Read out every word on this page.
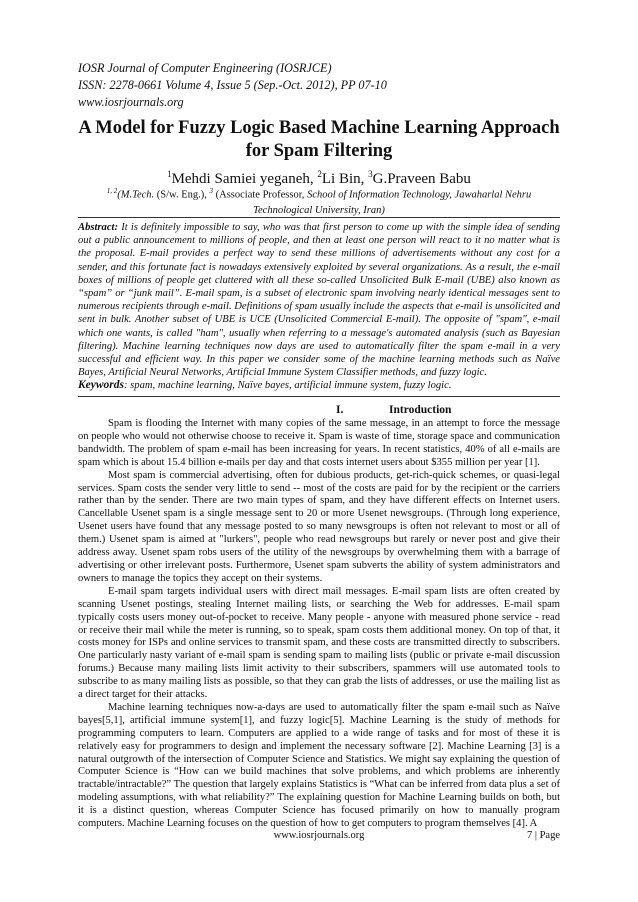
IOSR Journal of Computer Engineering (IOSRJCE)
ISSN: 2278-0661 Volume 4, Issue 5 (Sep.-Oct. 2012), PP 07-10
www.iosrjournals.org
A Model for Fuzzy Logic Based Machine Learning Approach for Spam Filtering
$^1$Mehdi Samiei yeganeh, $^2$Li Bin, $^3$G.Praveen Babu
$^{1, 2}$(M.Tech. (S/w. Eng.), $^3$ (Associate Professor, School of Information Technology, Jawaharlal Nehru
Technological University, Iran)
Abstract: It is definitely impossible to say, who was that first person to come up with the simple idea of sending out a public announcement to millions of people, and then at least one person will react to it no matter what is the proposal. E-mail provides a perfect way to send these millions of advertisements without any cost for a sender, and this fortunate fact is nowadays extensively exploited by several organizations. As a result, the e-mail boxes of millions of people get cluttered with all these so-called Unsolicited Bulk E-mail (UBE) also known as “spam” or “junk mail”. E-mail spam, is a subset of electronic spam involving nearly identical messages sent to numerous recipients through e-mail. Definitions of spam usually include the aspects that e-mail is unsolicited and sent in bulk. Another subset of UBE is UCE (Unsolicited Commercial E-mail). The opposite of "spam", e-mail which one wants, is called "ham", usually when referring to a message's automated analysis (such as Bayesian filtering). Machine learning techniques now days are used to automatically filter the spam e-mail in a very successful and efficient way. In this paper we consider some of the machine learning methods such as Naïve Bayes, Artificial Neural Networks, Artificial Immune System Classifier methods, and fuzzy logic.
Keywords: spam, machine learning, Naïve bayes, artificial immune system, fuzzy logic.
I.	Introduction

Spam is flooding the Internet with many copies of the same message, in an attempt to force the message on people who would not otherwise choose to receive it. Spam is waste of time, storage space and communication bandwidth. The problem of spam e-mail has been increasing for years. In recent statistics, 40% of all e-mails are spam which is about 15.4 billion e-mails per day and that costs internet users about $355 million per year [1].

Most spam is commercial advertising, often for dubious products, get-rich-quick schemes, or quasi-legal services. Spam costs the sender very little to send -- most of the costs are paid for by the recipient or the carriers rather than by the sender. There are two main types of spam, and they have different effects on Internet users. Cancellable Usenet spam is a single message sent to 20 or more Usenet newsgroups. (Through long experience, Usenet users have found that any message posted to so many newsgroups is often not relevant to most or all of them.) Usenet spam is aimed at "lurkers", people who read newsgroups but rarely or never post and give their address away. Usenet spam robs users of the utility of the newsgroups by overwhelming them with a barrage of advertising or other irrelevant posts. Furthermore, Usenet spam subverts the ability of system administrators and owners to manage the topics they accept on their systems.

E-mail spam targets individual users with direct mail messages. E-mail spam lists are often created by scanning Usenet postings, stealing Internet mailing lists, or searching the Web for addresses. E-mail spam typically costs users money out-of-pocket to receive. Many people - anyone with measured phone service - read or receive their mail while the meter is running, so to speak, spam costs them additional money. On top of that, it costs money for ISPs and online services to transmit spam, and these costs are transmitted directly to subscribers. One particularly nasty variant of e-mail spam is sending spam to mailing lists (public or private e-mail discussion forums.) Because many mailing lists limit activity to their subscribers, spammers will use automated tools to subscribe to as many mailing lists as possible, so that they can grab the lists of addresses, or use the mailing list as a direct target for their attacks.

Machine learning techniques now-a-days are used to automatically filter the spam e-mail such as Naïve bayes[5,1], artificial immune system[1], and fuzzy logic[5]. Machine Learning is the study of methods for programming computers to learn. Computers are applied to a wide range of tasks and for most of these it is relatively easy for programmers to design and implement the necessary software [2]. Machine Learning [3] is a natural outgrowth of the intersection of Computer Science and Statistics. We might say explaining the question of Computer Science is “How can we build machines that solve problems, and which problems are inherently tractable/intractable?” The question that largely explains Statistics is “What can be inferred from data plus a set of modeling assumptions, with what reliability?” The explaining question for Machine Learning builds on both, but it is a distinct question, whereas Computer Science has focused primarily on how to manually program computers. Machine Learning focuses on the question of how to get computers to program themselves [4]. A

www.iosrjournals.org	7 | Page
